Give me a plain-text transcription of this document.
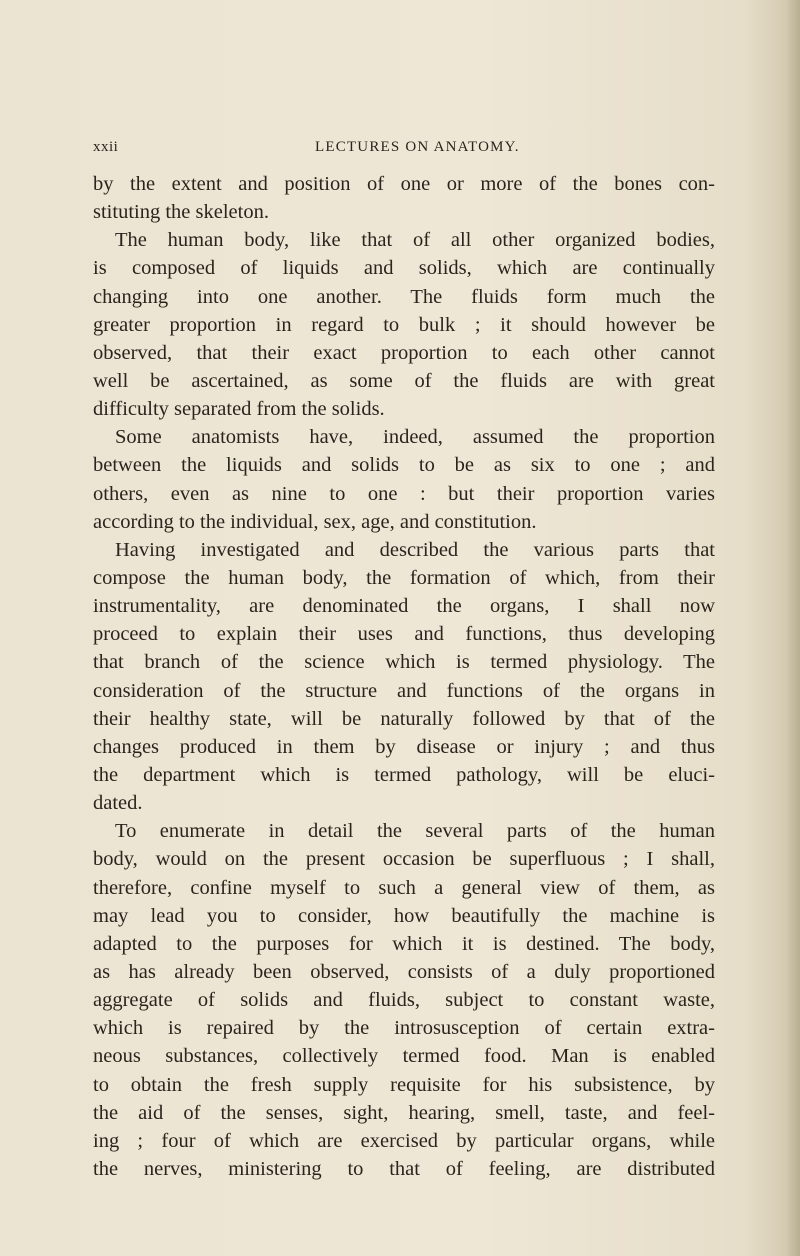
xxii	LECTURES ON ANATOMY.
by the extent and position of one or more of the bones con-
stituting the skeleton.
The human body, like that of all other organized bodies,
is composed of liquids and solids, which are continually
changing into one another. The fluids form much the
greater proportion in regard to bulk ; it should however be
observed, that their exact proportion to each other cannot
well be ascertained, as some of the fluids are with great
difficulty separated from the solids.
Some anatomists have, indeed, assumed the proportion
between the liquids and solids to be as six to one ; and
others, even as nine to one : but their proportion varies
according to the individual, sex, age, and constitution.
Having investigated and described the various parts that
compose the human body, the formation of which, from their
instrumentality, are denominated the organs, I shall now
proceed to explain their uses and functions, thus developing
that branch of the science which is termed physiology. The
consideration of the structure and functions of the organs in
their healthy state, will be naturally followed by that of the
changes produced in them by disease or injury ; and thus
the department which is termed pathology, will be eluci-
dated.
To enumerate in detail the several parts of the human
body, would on the present occasion be superfluous ; I shall,
therefore, confine myself to such a general view of them, as
may lead you to consider, how beautifully the machine is
adapted to the purposes for which it is destined. The body,
as has already been observed, consists of a duly proportioned
aggregate of solids and fluids, subject to constant waste,
which is repaired by the introsusception of certain extra-
neous substances, collectively termed food. Man is enabled
to obtain the fresh supply requisite for his subsistence, by
the aid of the senses, sight, hearing, smell, taste, and feel-
ing ; four of which are exercised by particular organs, while
the nerves, ministering to that of feeling, are distributed
